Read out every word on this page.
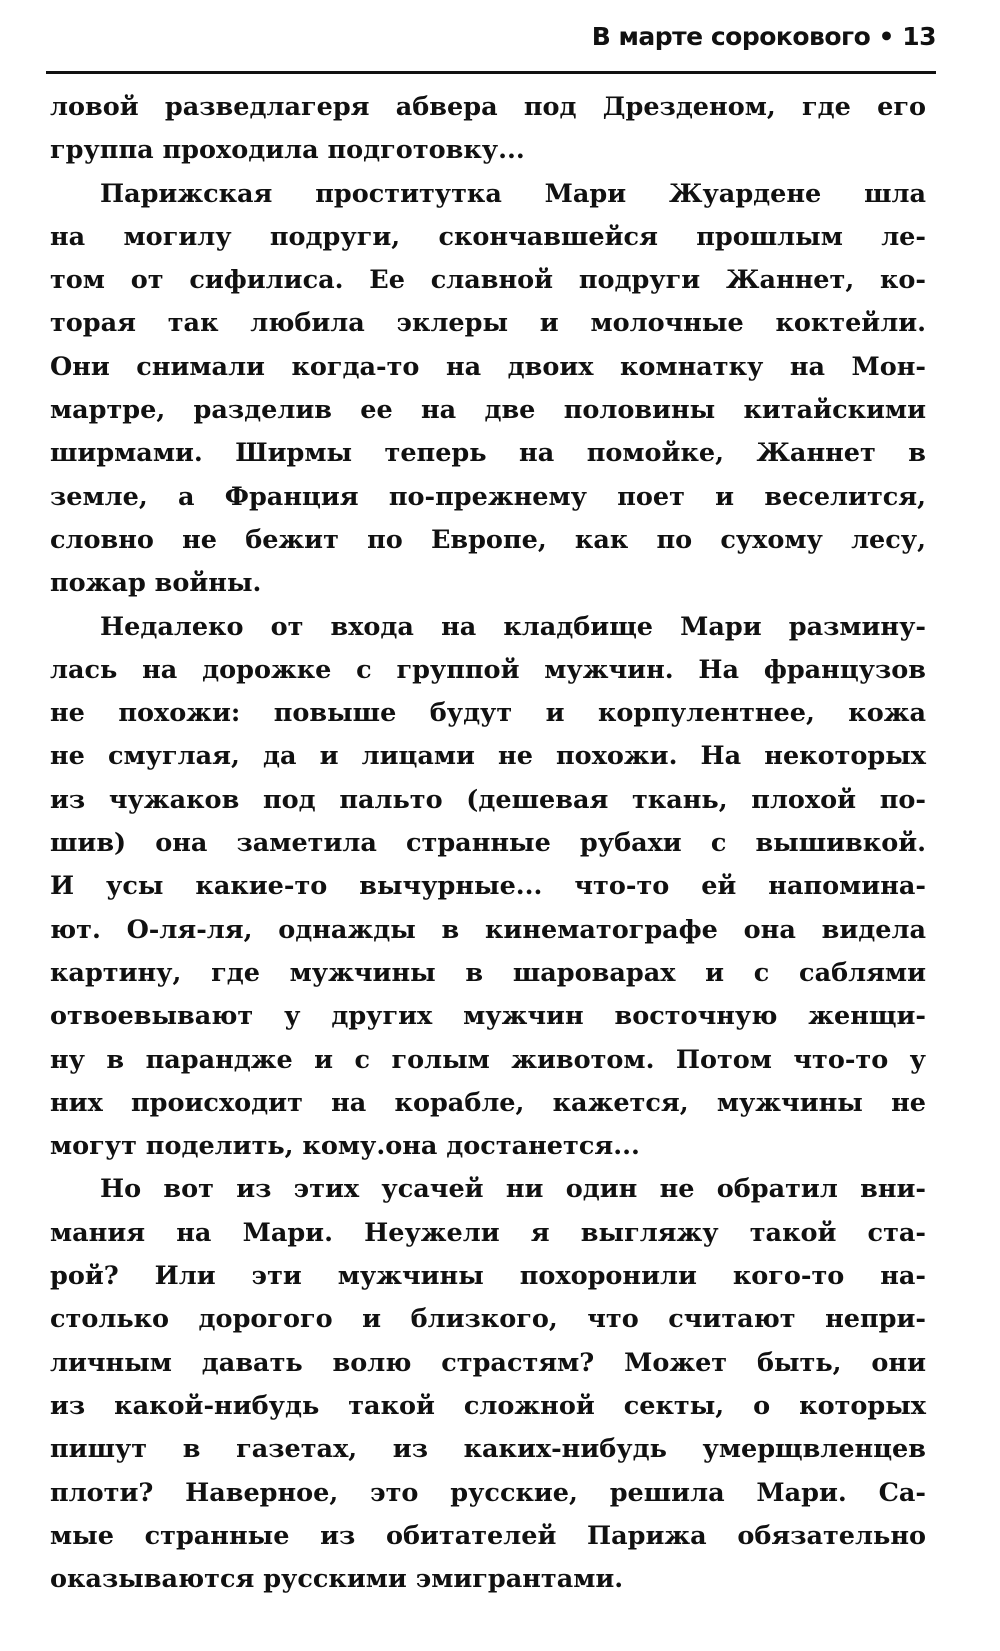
В марте сорокового • 13
ловой разведлагеря абвера под Дрезденом, где его
группа проходила подготовку...
Парижская проститутка Мари Жуардене шла
на могилу подруги, скончавшейся прошлым ле-
том от сифилиса. Ее славной подруги Жаннет, ко-
торая так любила эклеры и молочные коктейли.
Они снимали когда-то на двоих комнатку на Мон-
мартре, разделив ее на две половины китайскими
ширмами. Ширмы теперь на помойке, Жаннет в
земле, а Франция по-прежнему поет и веселится,
словно не бежит по Европе, как по сухому лесу,
пожар войны.
Недалеко от входа на кладбище Мари размину-
лась на дорожке с группой мужчин. На французов
не похожи: повыше будут и корпулентнее, кожа
не смуглая, да и лицами не похожи. На некоторых
из чужаков под пальто (дешевая ткань, плохой по-
шив) она заметила странные рубахи с вышивкой.
И усы какие-то вычурные... что-то ей напомина-
ют. О-ля-ля, однажды в кинематографе она видела
картину, где мужчины в шароварах и с саблями
отвоевывают у других мужчин восточную женщи-
ну в парандже и с голым животом. Потом что-то у
них происходит на корабле, кажется, мужчины не
могут поделить, кому.она достанется...
Но вот из этих усачей ни один не обратил вни-
мания на Мари. Неужели я выгляжу такой ста-
рой? Или эти мужчины похоронили кого-то на-
столько дорогого и близкого, что считают непри-
личным давать волю страстям? Может быть, они
из какой-нибудь такой сложной секты, о которых
пишут в газетах, из каких-нибудь умерщвленцев
плоти? Наверное, это русские, решила Мари. Са-
мые странные из обитателей Парижа обязательно
оказываются русскими эмигрантами.
